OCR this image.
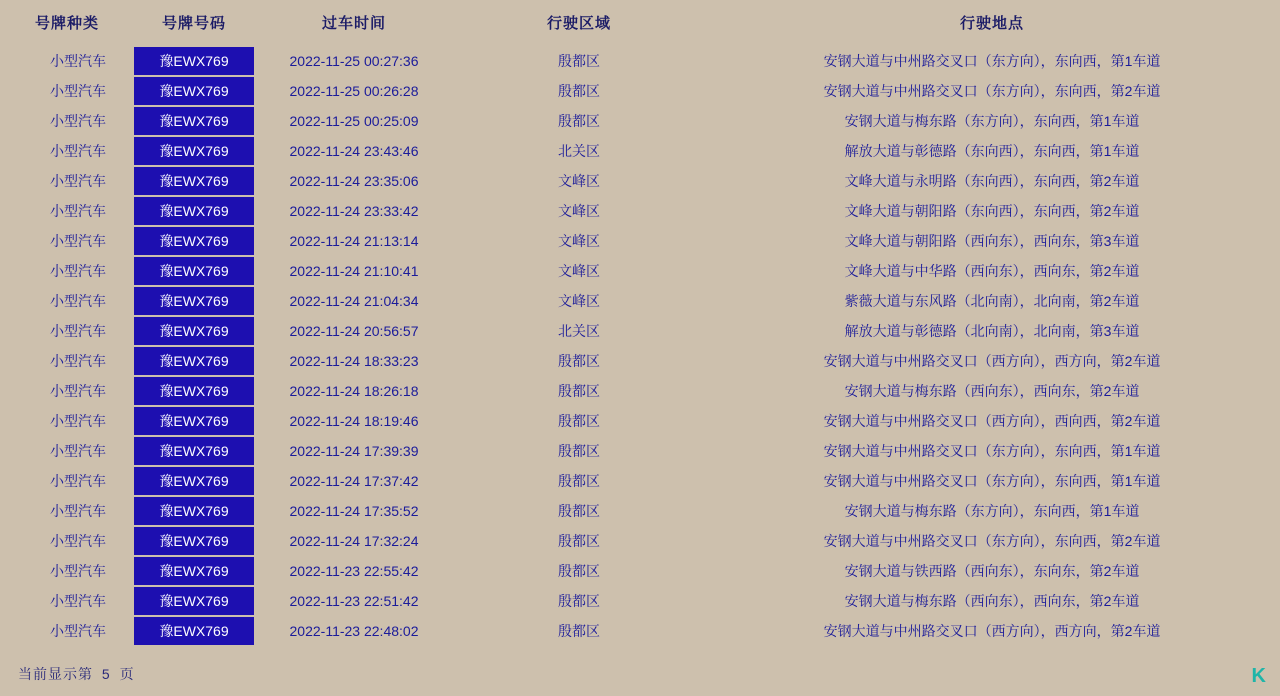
号牌种类	号牌号码	过车时间	行驶区域	行驶地点
小型汽车	豫EWX769	2022-11-25 00:27:36	殷都区	安钢大道与中州路交叉口（东方向），东向西，第1车道
小型汽车	豫EWX769	2022-11-25 00:26:28	殷都区	安钢大道与中州路交叉口（东方向），东向西，第2车道
小型汽车	豫EWX769	2022-11-25 00:25:09	殷都区	安钢大道与梅东路（东方向），东向西，第1车道
小型汽车	豫EWX769	2022-11-24 23:43:46	北关区	解放大道与彰德路（东向西），东向西，第1车道
小型汽车	豫EWX769	2022-11-24 23:35:06	文峰区	文峰大道与永明路（东向西），东向西，第2车道
小型汽车	豫EWX769	2022-11-24 23:33:42	文峰区	文峰大道与朝阳路（东向西），东向西，第2车道
小型汽车	豫EWX769	2022-11-24 21:13:14	文峰区	文峰大道与朝阳路（西向东），西向东，第3车道
小型汽车	豫EWX769	2022-11-24 21:10:41	文峰区	文峰大道与中华路（西向东），西向东，第2车道
小型汽车	豫EWX769	2022-11-24 21:04:34	文峰区	紫薇大道与东风路（北向南），北向南，第2车道
小型汽车	豫EWX769	2022-11-24 20:56:57	北关区	解放大道与彰德路（北向南），北向南，第3车道
小型汽车	豫EWX769	2022-11-24 18:33:23	殷都区	安钢大道与中州路交叉口（西方向），西方向，第2车道
小型汽车	豫EWX769	2022-11-24 18:26:18	殷都区	安钢大道与梅东路（西向东），西向东，第2车道
小型汽车	豫EWX769	2022-11-24 18:19:46	殷都区	安钢大道与中州路交叉口（西方向），西向西，第2车道
小型汽车	豫EWX769	2022-11-24 17:39:39	殷都区	安钢大道与中州路交叉口（东方向），东向西，第1车道
小型汽车	豫EWX769	2022-11-24 17:37:42	殷都区	安钢大道与中州路交叉口（东方向），东向西，第1车道
小型汽车	豫EWX769	2022-11-24 17:35:52	殷都区	安钢大道与梅东路（东方向），东向西，第1车道
小型汽车	豫EWX769	2022-11-24 17:32:24	殷都区	安钢大道与中州路交叉口（东方向），东向西，第2车道
小型汽车	豫EWX769	2022-11-23 22:55:42	殷都区	安钢大道与铁西路（西向东），东向东，第2车道
小型汽车	豫EWX769	2022-11-23 22:51:42	殷都区	安钢大道与梅东路（西向东），西向东，第2车道
小型汽车	豫EWX769	2022-11-23 22:48:02	殷都区	安钢大道与中州路交叉口（西方向），西方向，第2车道
当前显示第 5 页	K
